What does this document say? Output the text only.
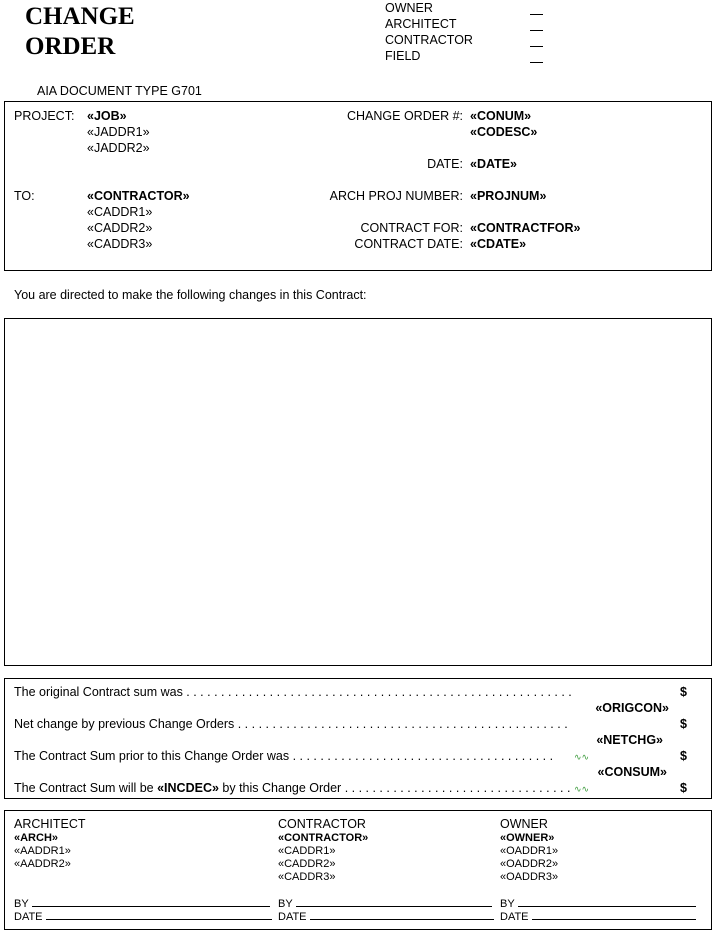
CHANGE
ORDER
OWNER
ARCHITECT
CONTRACTOR
FIELD
AIA DOCUMENT TYPE G701
PROJECT: «JOB»
«JADDR1»
«JADDR2»
TO:	«CONTRACTOR»
«CADDR1»
«CADDR2»
«CADDR3»
CHANGE ORDER #: «CONUM»
«CODESC»
DATE: «DATE»
ARCH PROJ NUMBER: «PROJNUM»
CONTRACT FOR: «CONTRACTFOR»
CONTRACT DATE: «CDATE»
You are directed to make the following changes in this Contract:
The original Contract sum was . . . . . . . . . . . . . . . . . . . . . . . . . . . . . . . . . . . . . . . . . . . . . . . . . . . . . . . .	$
«ORIGCON»
Net change by previous Change Orders . . . . . . . . . . . . . . . . . . . . . . . . . . . . . . . . . . . . . . . . . . . . . . . .	$
«NETCHG»
The Contract Sum prior to this Change Order was . . . . . . . . . . . . . . . . . . . . . . . . . . . . . . . . . . . . . .	∿∿	$
«CONSUM»
The Contract Sum will be «INCDEC» by this Change Order . . . . . . . . . . . . . . . . . . . . . . . . . . . . . . . . . ∿∿	$
ARCHITECT
«ARCH»
«AADDR1»
«AADDR2»
BY
DATE
CONTRACTOR
«CONTRACTOR»
«CADDR1»
«CADDR2»
«CADDR3»
BY
DATE
OWNER
«OWNER»
«OADDR1»
«OADDR2»
«OADDR3»
BY
DATE
